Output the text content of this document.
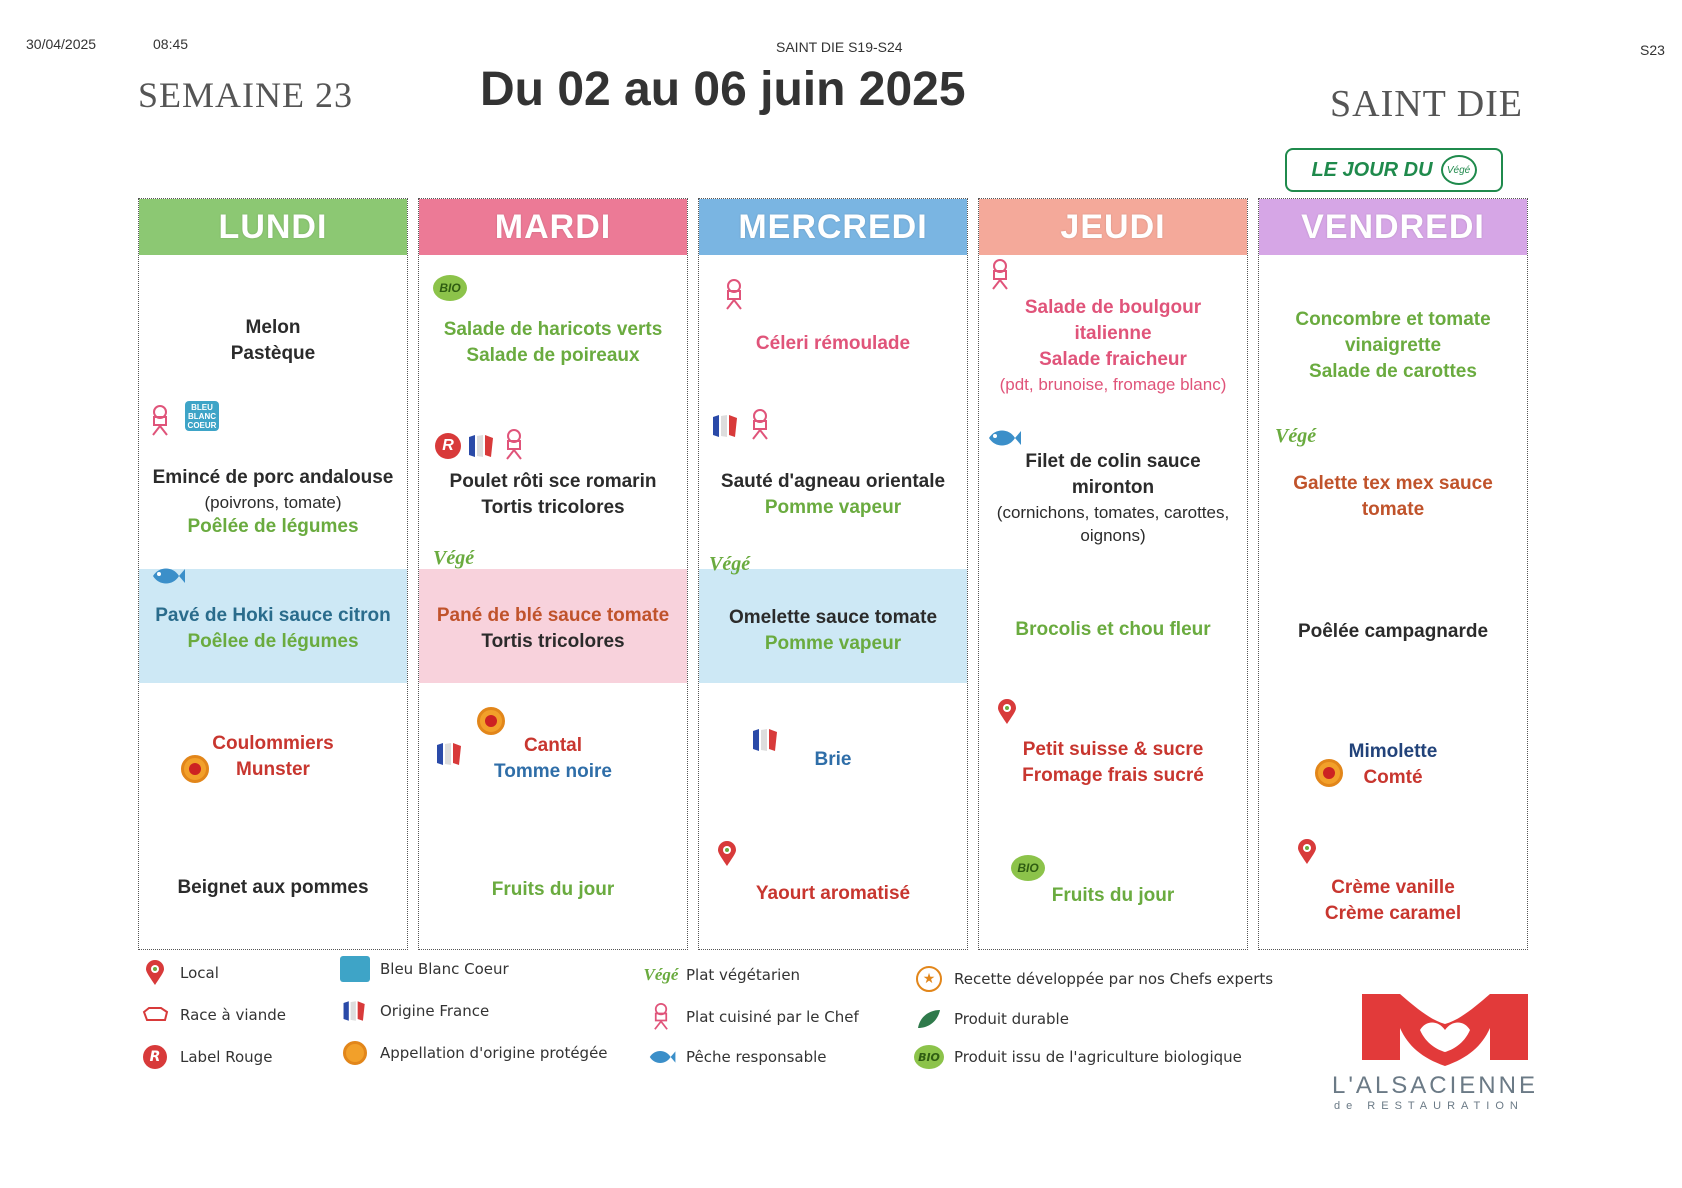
30/04/2025	08:45	SAINT DIE S19-S24	S23
SEMAINE 23	Du 02 au 06 juin 2025	SAINT DIE
LE JOUR DU	Végé
LUNDI
Melon
Pastèque
BLEU BLANC COEUR
Emincé de porc andalouse
(poivrons, tomate)
Poêlée de légumes
Pavé de Hoki sauce citron
Poêlee de légumes
Coulommiers
Munster
Beignet aux pommes
MARDI
BIO
Salade de haricots verts
Salade de poireaux
R
Poulet rôti sce romarin
Tortis tricolores
Végé
Pané de blé sauce tomate
Tortis tricolores
Cantal
Tomme noire
Fruits du jour
MERCREDI
Céleri rémoulade
Sauté d'agneau orientale
Pomme vapeur
Végé
Omelette sauce tomate
Pomme vapeur
Brie
Yaourt aromatisé
JEUDI
Salade de boulgour
italienne
Salade fraicheur
(pdt, brunoise, fromage blanc)
Filet de colin sauce
mironton
(cornichons, tomates, carottes,
oignons)
Brocolis et chou fleur
Petit suisse & sucre
Fromage frais sucré
BIO
Fruits du jour
VENDREDI
Concombre et tomate
vinaigrette
Salade de carottes
Végé
Galette tex mex sauce
tomate
Poêlée campagnarde
Mimolette
Comté
Crème vanille
Crème caramel
Local
Race à viande
R	Label Rouge
Bleu Blanc Coeur
Origine France
Appellation d'origine protégée
Végé Plat végétarien
Plat cuisiné par le Chef
Pêche responsable
★	Recette développée par nos Chefs experts
Produit durable
BIO Produit issu de l'agriculture biologique
L'ALSACIENNE
de RESTAURATION
